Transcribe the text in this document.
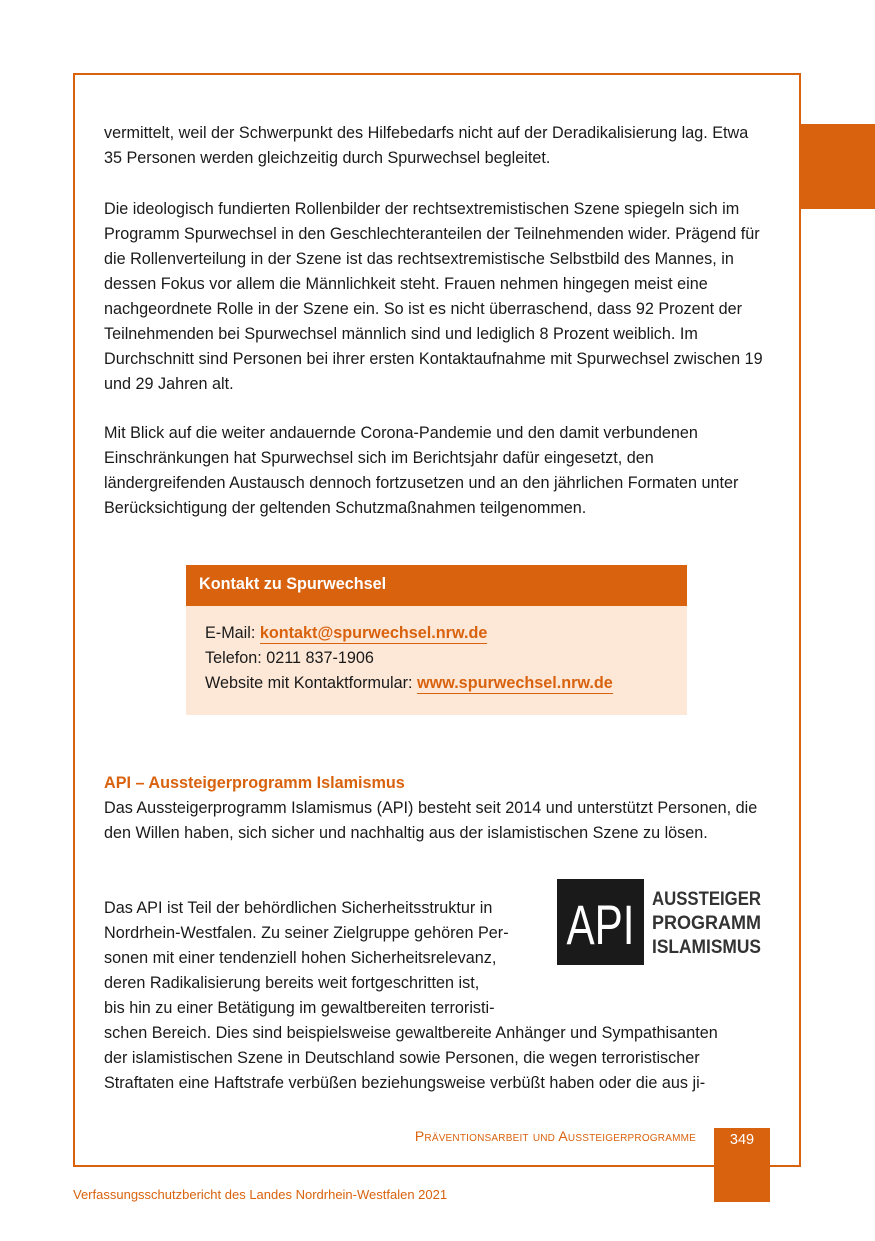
vermittelt, weil der Schwerpunkt des Hilfebedarfs nicht auf der Deradikalisierung lag. Etwa 35 Personen werden gleichzeitig durch Spurwechsel begleitet.

Die ideologisch fundierten Rollenbilder der rechtsextremistischen Szene spiegeln sich im Programm Spurwechsel in den Geschlechteranteilen der Teilnehmenden wider. Prägend für die Rollenverteilung in der Szene ist das rechtsextremistische Selbstbild des Mannes, in dessen Fokus vor allem die Männlichkeit steht. Frauen nehmen hingegen meist eine nachgeordnete Rolle in der Szene ein. So ist es nicht überraschend, dass 92 Prozent der Teilnehmenden bei Spurwechsel männlich sind und lediglich 8 Prozent weiblich. Im Durchschnitt sind Personen bei ihrer ersten Kontaktaufnahme mit Spurwechsel zwischen 19 und 29 Jahren alt.

Mit Blick auf die weiter andauernde Corona-Pandemie und den damit verbundenen Einschränkungen hat Spurwechsel sich im Berichtsjahr dafür eingesetzt, den ländergreifenden Austausch dennoch fortzusetzen und an den jährlichen Formaten unter Berücksichtigung der geltenden Schutzmaßnahmen teilgenommen.

Kontakt zu Spurwechsel
E-Mail: kontakt@spurwechsel.nrw.de
Telefon: 0211 837-1906
Website mit Kontaktformular: www.spurwechsel.nrw.de

API – Aussteigerprogramm Islamismus
Das Aussteigerprogramm Islamismus (API) besteht seit 2014 und unterstützt Personen, die den Willen haben, sich sicher und nachhaltig aus der islamistischen Szene zu lösen.

Das API ist Teil der behördlichen Sicherheitsstruktur in
Nordrhein-Westfalen. Zu seiner Zielgruppe gehören Per-
sonen mit einer tendenziell hohen Sicherheitsrelevanz,
deren Radikalisierung bereits weit fortgeschritten ist,
bis hin zu einer Betätigung im gewaltbereiten terroristi-
schen Bereich. Dies sind beispielsweise gewaltbereite Anhänger und Sympathisanten
der islamistischen Szene in Deutschland sowie Personen, die wegen terroristischer
Straftaten eine Haftstrafe verbüßen beziehungsweise verbüßt haben oder die aus ji-
API AUSSTEIGER
PROGRAMM
ISLAMISMUS
Präventionsarbeit und Aussteigerprogramme	349
Verfassungsschutzbericht des Landes Nordrhein-Westfalen 2021
